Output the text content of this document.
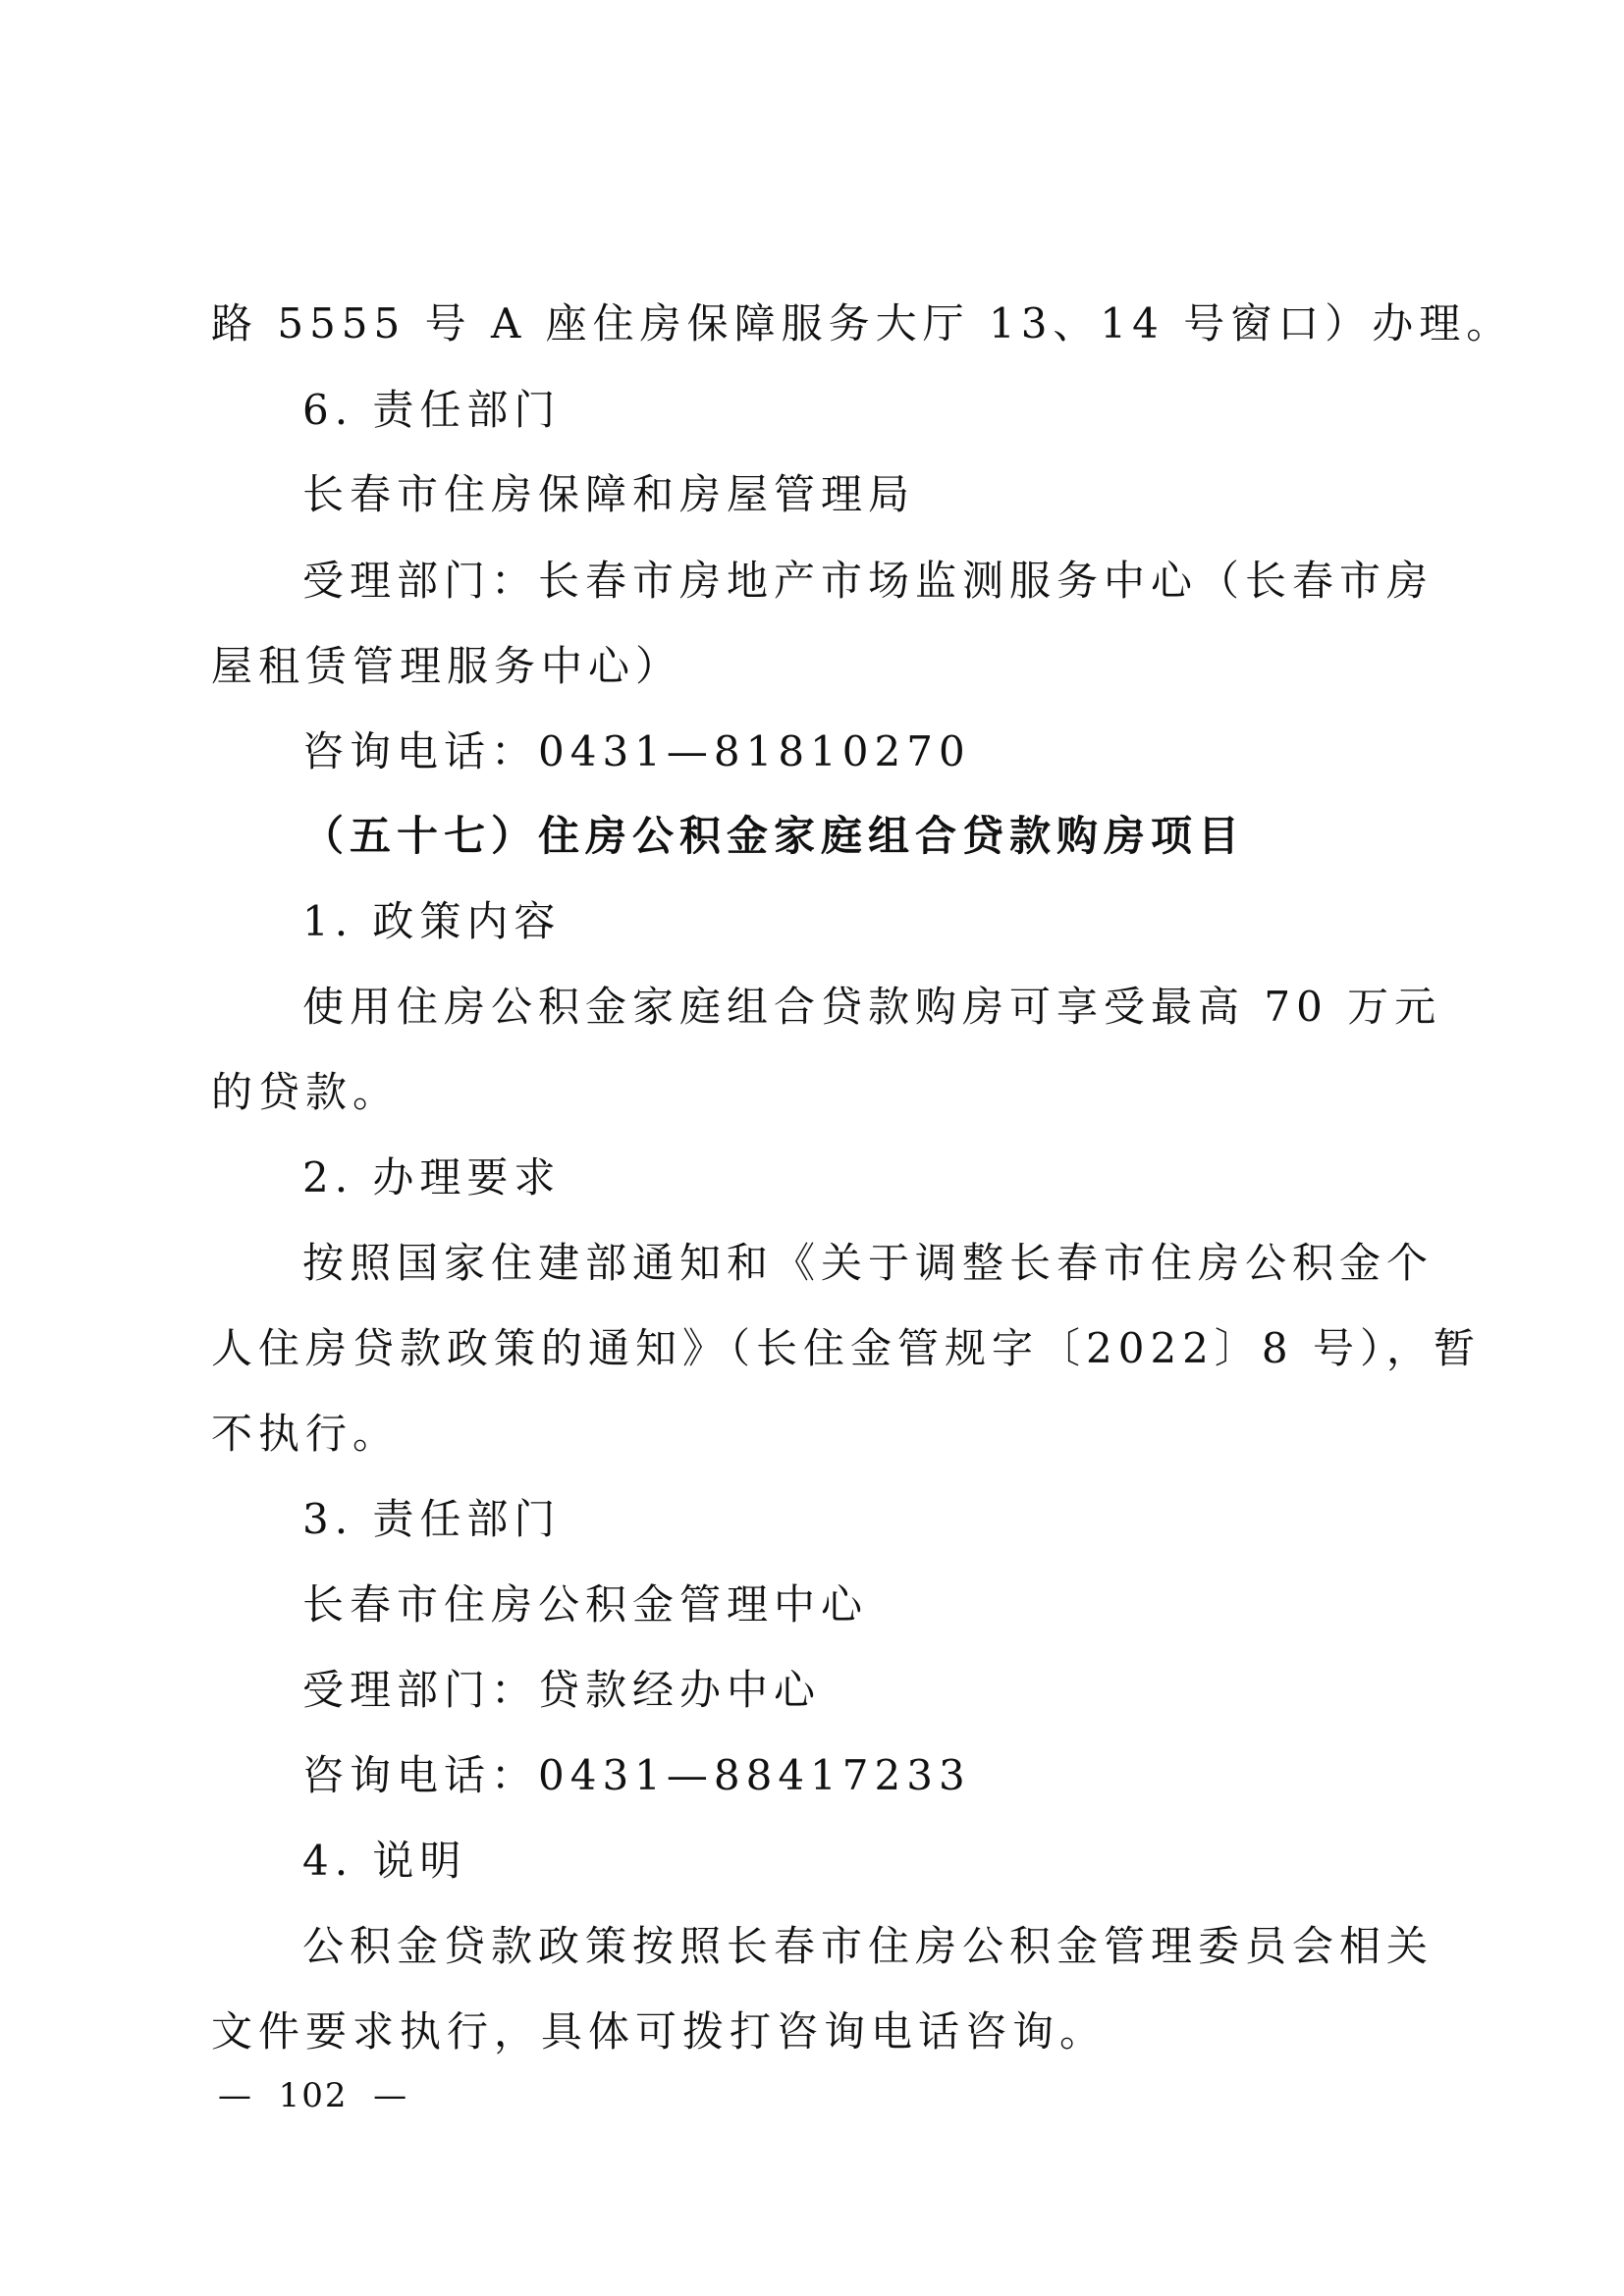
路 5555 号 A 座住房保障服务大厅 13、14 号窗口）办理。
6. 责任部门
长春市住房保障和房屋管理局
受理部门：长春市房地产市场监测服务中心（长春市房
屋租赁管理服务中心）
咨询电话：0431—81810270
（五十七）住房公积金家庭组合贷款购房项目
1. 政策内容
使用住房公积金家庭组合贷款购房可享受最高 70 万元
的贷款。
2. 办理要求
按照国家住建部通知和《关于调整长春市住房公积金个
人住房贷款政策的通知》（长住金管规字〔2022〕8 号），暂
不执行。
3. 责任部门
长春市住房公积金管理中心
受理部门：贷款经办中心
咨询电话：0431—88417233
4. 说明
公积金贷款政策按照长春市住房公积金管理委员会相关
文件要求执行，具体可拨打咨询电话咨询。
—  102  —
